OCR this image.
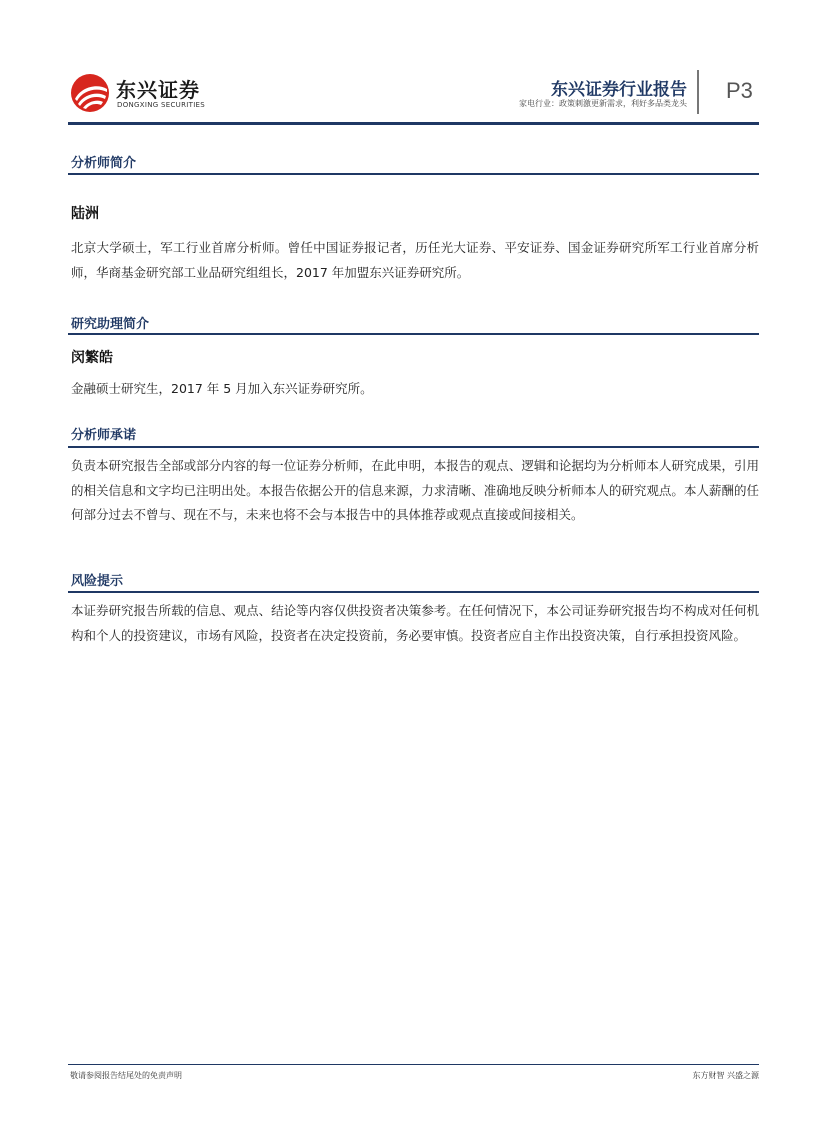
东兴证券
DONGXING SECURITIES
东兴证券行业报告
家电行业：政策刺激更新需求，利好多品类龙头
P3
分析师简介
陆洲
北京大学硕士，军工行业首席分析师。曾任中国证券报记者，历任光大证券、平安证券、国金证券研究所军工行业首席分析师，华商基金研究部工业品研究组组长，2017 年加盟东兴证券研究所。
研究助理简介
闵繁皓
金融硕士研究生，2017 年 5 月加入东兴证券研究所。
分析师承诺
负责本研究报告全部或部分内容的每一位证券分析师，在此申明，本报告的观点、逻辑和论据均为分析师本人研究成果，引用的相关信息和文字均已注明出处。本报告依据公开的信息来源，力求清晰、准确地反映分析师本人的研究观点。本人薪酬的任何部分过去不曾与、现在不与，未来也将不会与本报告中的具体推荐或观点直接或间接相关。
风险提示
本证券研究报告所载的信息、观点、结论等内容仅供投资者决策参考。在任何情况下，本公司证券研究报告均不构成对任何机构和个人的投资建议，市场有风险，投资者在决定投资前，务必要审慎。投资者应自主作出投资决策，自行承担投资风险。
敬请参阅报告结尾处的免责声明	东方财智 兴盛之源
